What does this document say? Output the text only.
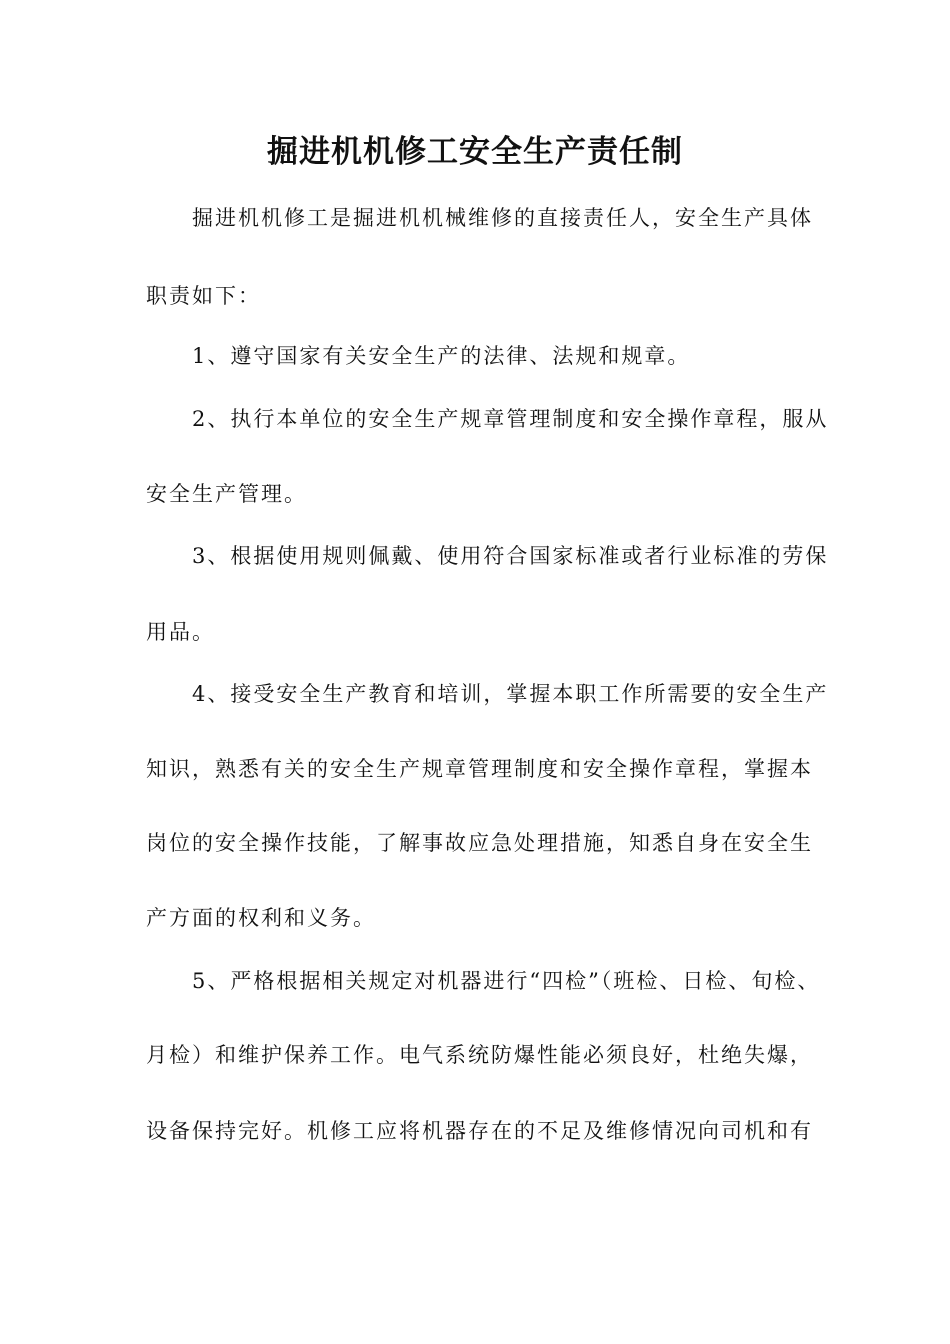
掘进机机修工安全生产责任制
掘进机机修工是掘进机机械维修的直接责任人，安全生产具体
职责如下：
1、遵守国家有关安全生产的法律、法规和规章。
2、执行本单位的安全生产规章管理制度和安全操作章程，服从
安全生产管理。
3、根据使用规则佩戴、使用符合国家标准或者行业标准的劳保
用品。
4、接受安全生产教育和培训，掌握本职工作所需要的安全生产
知识，熟悉有关的安全生产规章管理制度和安全操作章程，掌握本
岗位的安全操作技能，了解事故应急处理措施，知悉自身在安全生
产方面的权利和义务。
5、严格根据相关规定对机器进行“四检”（班检、日检、旬检、
月检）和维护保养工作。电气系统防爆性能必须良好，杜绝失爆，
设备保持完好。机修工应将机器存在的不足及维修情况向司机和有
